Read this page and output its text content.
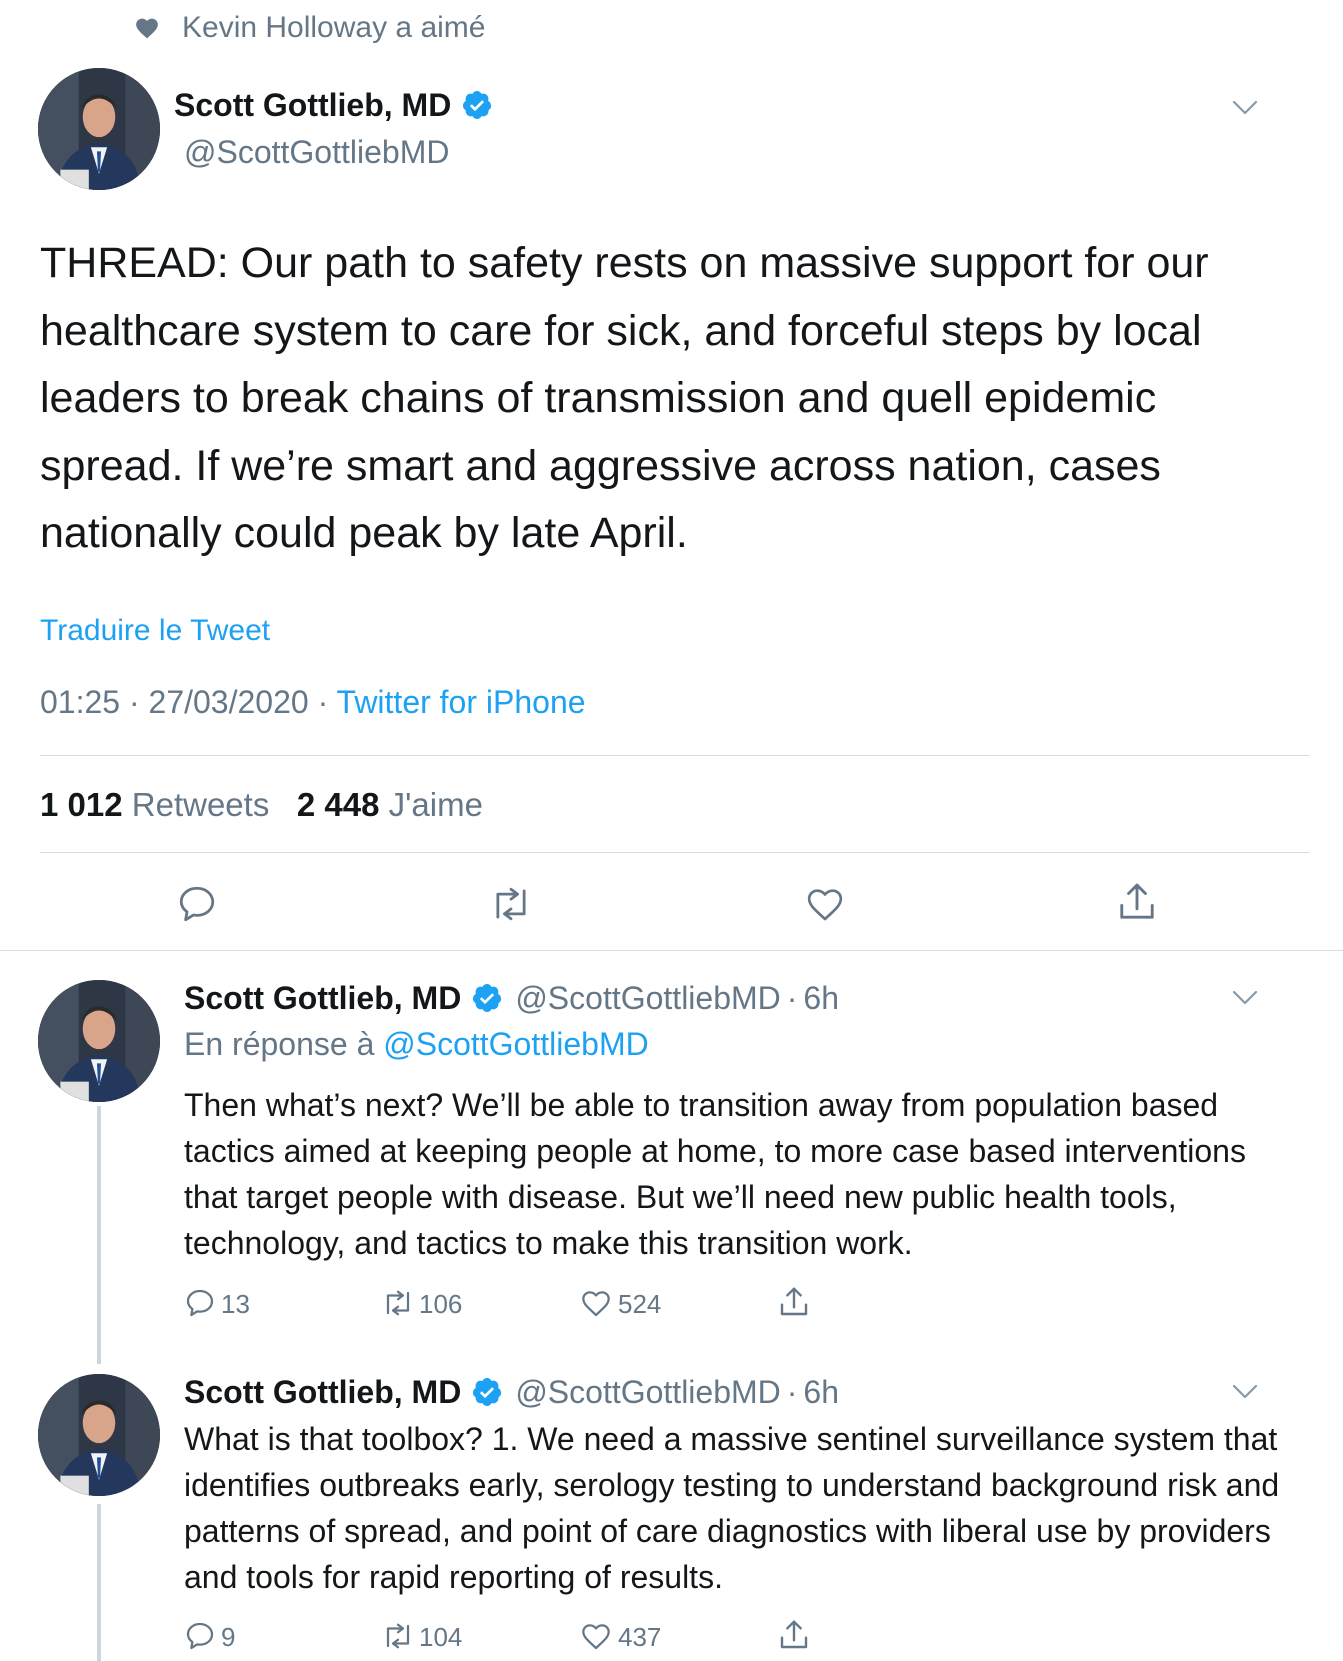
Kevin Holloway a aimé
Scott Gottlieb, MD
@ScottGottliebMD
THREAD: Our path to safety rests on massive support for our healthcare system to care for sick, and forceful steps by local leaders to break chains of transmission and quell epidemic spread. If we’re smart and aggressive across nation, cases nationally could peak by late April.
Traduire le Tweet
01:25 · 27/03/2020 · Twitter for iPhone
1 012 Retweets 2 448 J'aime
Scott Gottlieb, MD @ScottGottliebMD · 6h
En réponse à @ScottGottliebMD
Then what’s next? We’ll be able to transition away from population based tactics aimed at keeping people at home, to more case based interventions that target people with disease. But we’ll need new public health tools, technology, and tactics to make this transition work.
13	106	524
Scott Gottlieb, MD @ScottGottliebMD · 6h
What is that toolbox? 1. We need a massive sentinel surveillance system that identifies outbreaks early, serology testing to understand background risk and patterns of spread, and point of care diagnostics with liberal use by providers and tools for rapid reporting of results.
9	104	437
